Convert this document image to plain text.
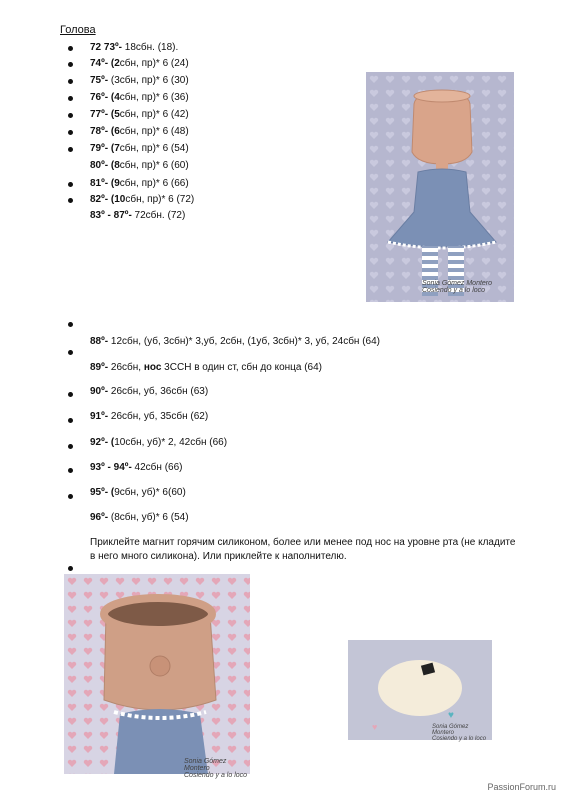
Голова
72 73º- 18сбн. (18).
74º- (2сбн, пр)* 6 (24)
75º- (3сбн, пр)* 6 (30)
76º- (4сбн, пр)* 6 (36)
77º- (5сбн, пр)* 6 (42)
78º- (6сбн, пр)* 6 (48)
79º- (7сбн, пр)* 6 (54)
80º- (8сбн, пр)* 6 (60)
81º- (9сбн, пр)* 6 (66)
82º- (10сбн, пр)* 6 (72)
83º - 87º- 72сбн. (72)
88º- 12сбн, (уб, 3сбн)* 3,уб, 2сбн, (1уб, 3сбн)* 3, уб, 24сбн (64)
89º- 26сбн, нос 3ССН в один ст, сбн до конца (64)
90º- 26сбн, уб, 36сбн (63)
91º- 26сбн, уб, 35сбн (62)
92º- (10сбн, уб)* 2, 42сбн (66)
93º - 94º- 42сбн (66)
95º- (9сбн, уб)* 6(60)
96º- (8сбн, уб)* 6 (54)
Sonia Gómez Montero
Cosiendo y a lo loco
Sonia Gómez Montero
Cosiendo y a lo loco
♥
♥
Sonia Gómez Montero
Cosiendo y a lo loco
Приклейте магнит горячим силиконом, более или менее под нос на уровне рта (не кладите в него много силикона). Или приклейте к наполнителю.
PassionForum.ru
